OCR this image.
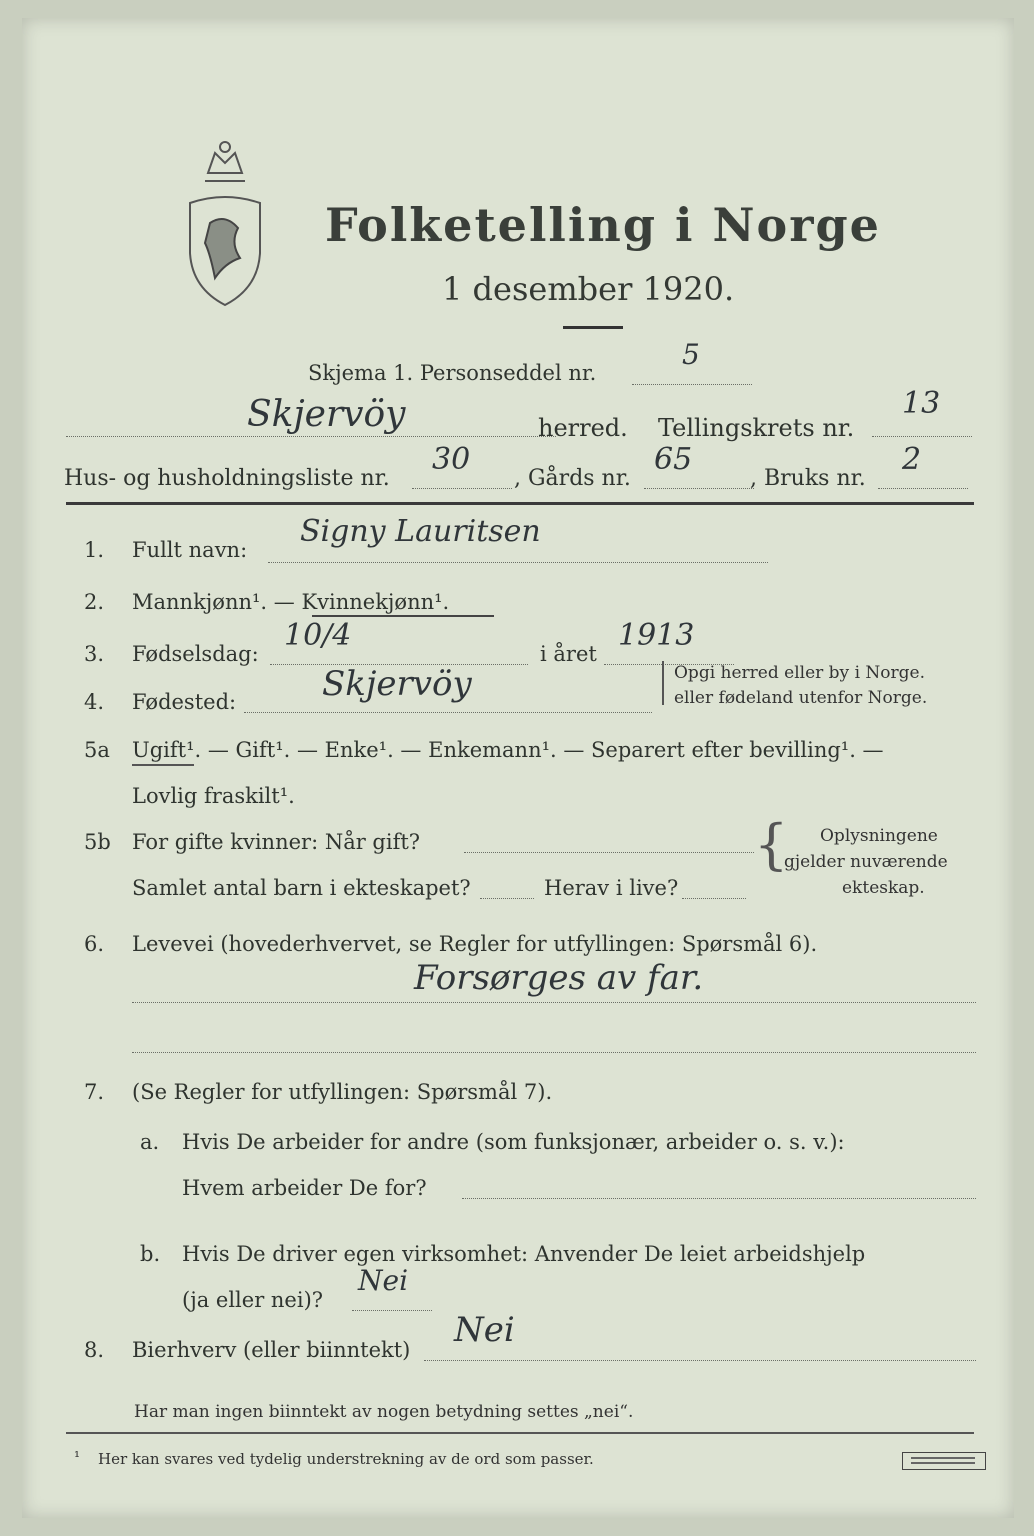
Folketelling i Norge
1 desember 1920.
Skjema 1. Personseddel nr.
5
Skjervöy	herred. Tellingskrets nr.
13
Hus- og husholdningsliste nr.
30
, Gårds nr.
65
, Bruks nr.
2
1. Fullt navn:
Signy Lauritsen
2. Mannkjønn¹. — Kvinnekjønn¹.
3. Fødselsdag:
10/4
i året
1913
4. Fødested:	Skjervöy	Opgi herred eller by i Norge.
eller fødeland utenfor Norge.
5a Ugift¹. — Gift¹. — Enke¹. — Enkemann¹. — Separert efter bevilling¹. —
Lovlig fraskilt¹.
5b For gifte kvinner: Når gift?
Samlet antal barn i ekteskapet?	Herav i live?
{ Oplysningene
gjelder nuværende
ekteskap.
6. Levevei (hovederhvervet, se Regler for utfyllingen: Spørsmål 6).
Forsørges av far.
7. (Se Regler for utfyllingen: Spørsmål 7).
a. Hvis De arbeider for andre (som funksjonær, arbeider o. s. v.):
Hvem arbeider De for?
b. Hvis De driver egen virksomhet: Anvender De leiet arbeidshjelp
(ja eller nei)?
Nei
8. Bierhverv (eller biinntekt) Nei
Har man ingen biinntekt av nogen betydning settes „nei“.
¹ Her kan svares ved tydelig understrekning av de ord som passer.
